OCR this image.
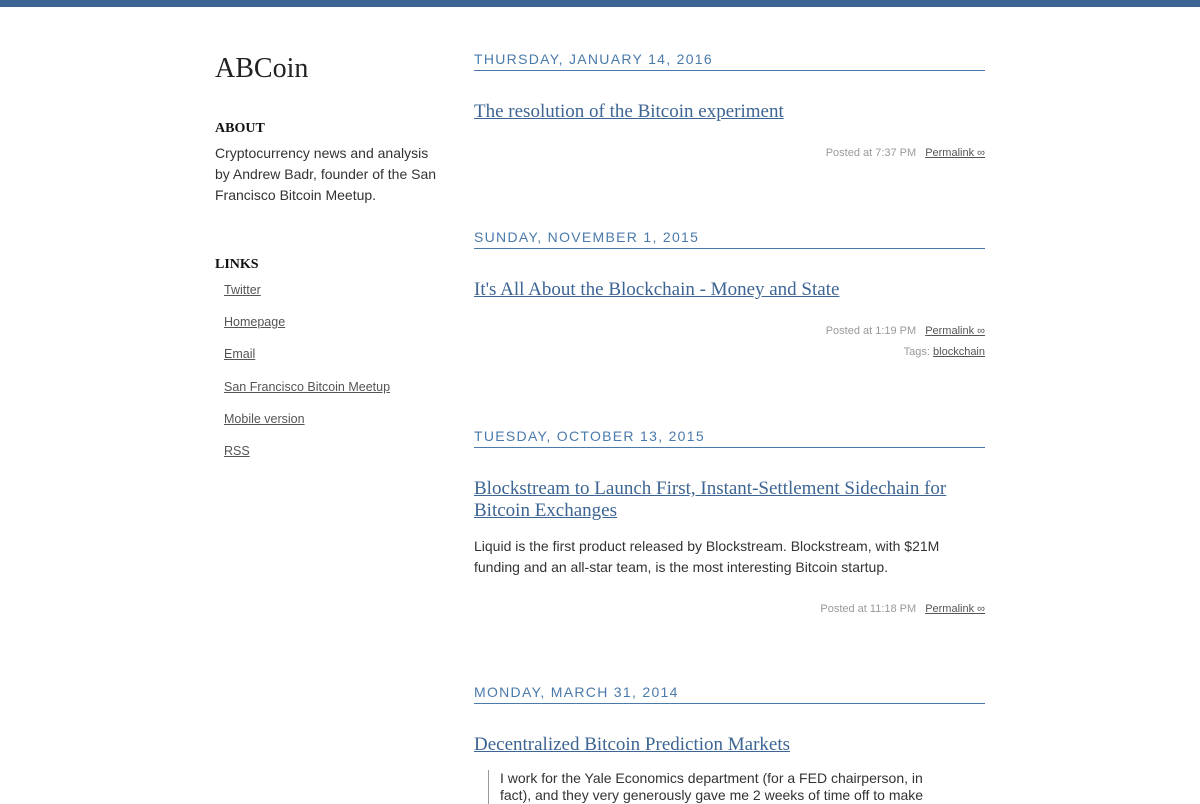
ABCoin
ABOUT
Cryptocurrency news and analysis by Andrew Badr, founder of the San Francisco Bitcoin Meetup.
LINKS
Twitter
Homepage
Email
San Francisco Bitcoin Meetup
Mobile version
RSS
THURSDAY, JANUARY 14, 2016
The resolution of the Bitcoin experiment
Posted at 7:37 PM Permalink ∞
SUNDAY, NOVEMBER 1, 2015
It's All About the Blockchain - Money and State
Posted at 1:19 PM Permalink ∞
Tags: blockchain
TUESDAY, OCTOBER 13, 2015
Blockstream to Launch First, Instant-Settlement Sidechain for Bitcoin Exchanges
Liquid is the first product released by Blockstream. Blockstream, with $21M funding and an all-star team, is the most interesting Bitcoin startup.
Posted at 11:18 PM Permalink ∞
MONDAY, MARCH 31, 2014
Decentralized Bitcoin Prediction Markets
I work for the Yale Economics department (for a FED chairperson, in fact), and they very generously gave me 2 weeks of time off to make
